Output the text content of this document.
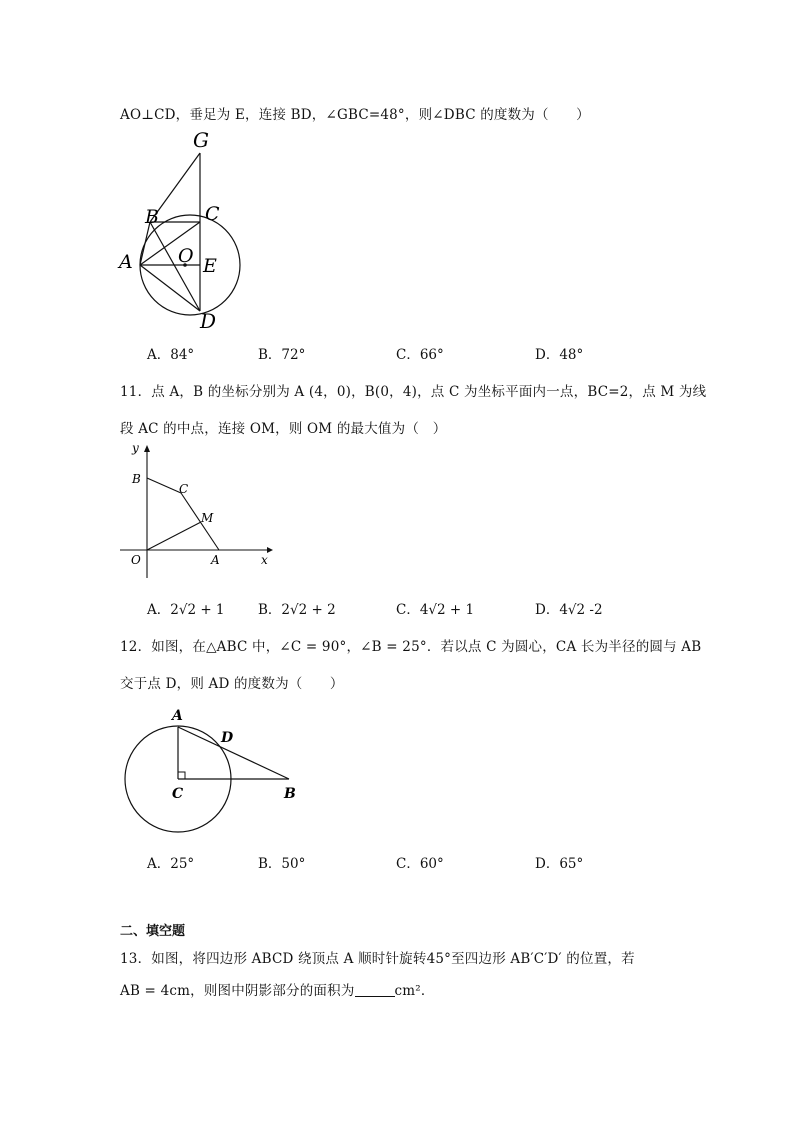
AO⊥CD，垂足为 E，连接 BD，∠GBC=48°，则∠DBC 的度数为（　　）
G
B C
A O E
D
A．84°	B．72°	C．66°	D．48°
11．点 A，B 的坐标分别为 A (4，0)，B(0，4)，点 C 为坐标平面内一点，BC=2，点 M 为线
段 AC 的中点，连接 OM，则 OM 的最大值为（　）
y
x
B
C
M
O	A
A．2√2 + 1 B．2√2 + 2	C．4√2 + 1	D．4√2 -2
12．如图，在△ABC 中，∠C = 90°，∠B = 25°．若以点 C 为圆心，CA 长为半径的圆与 AB
交于点 D，则 AD 的度数为（　　）
A
D
C	B
A．25°	B．50°	C．60°	D．65°
二、填空题
13．如图，将四边形 ABCD 绕顶点 A 顺时针旋转45°至四边形 AB′C′D′ 的位置，若
AB = 4cm，则图中阴影部分的面积为	cm²．
